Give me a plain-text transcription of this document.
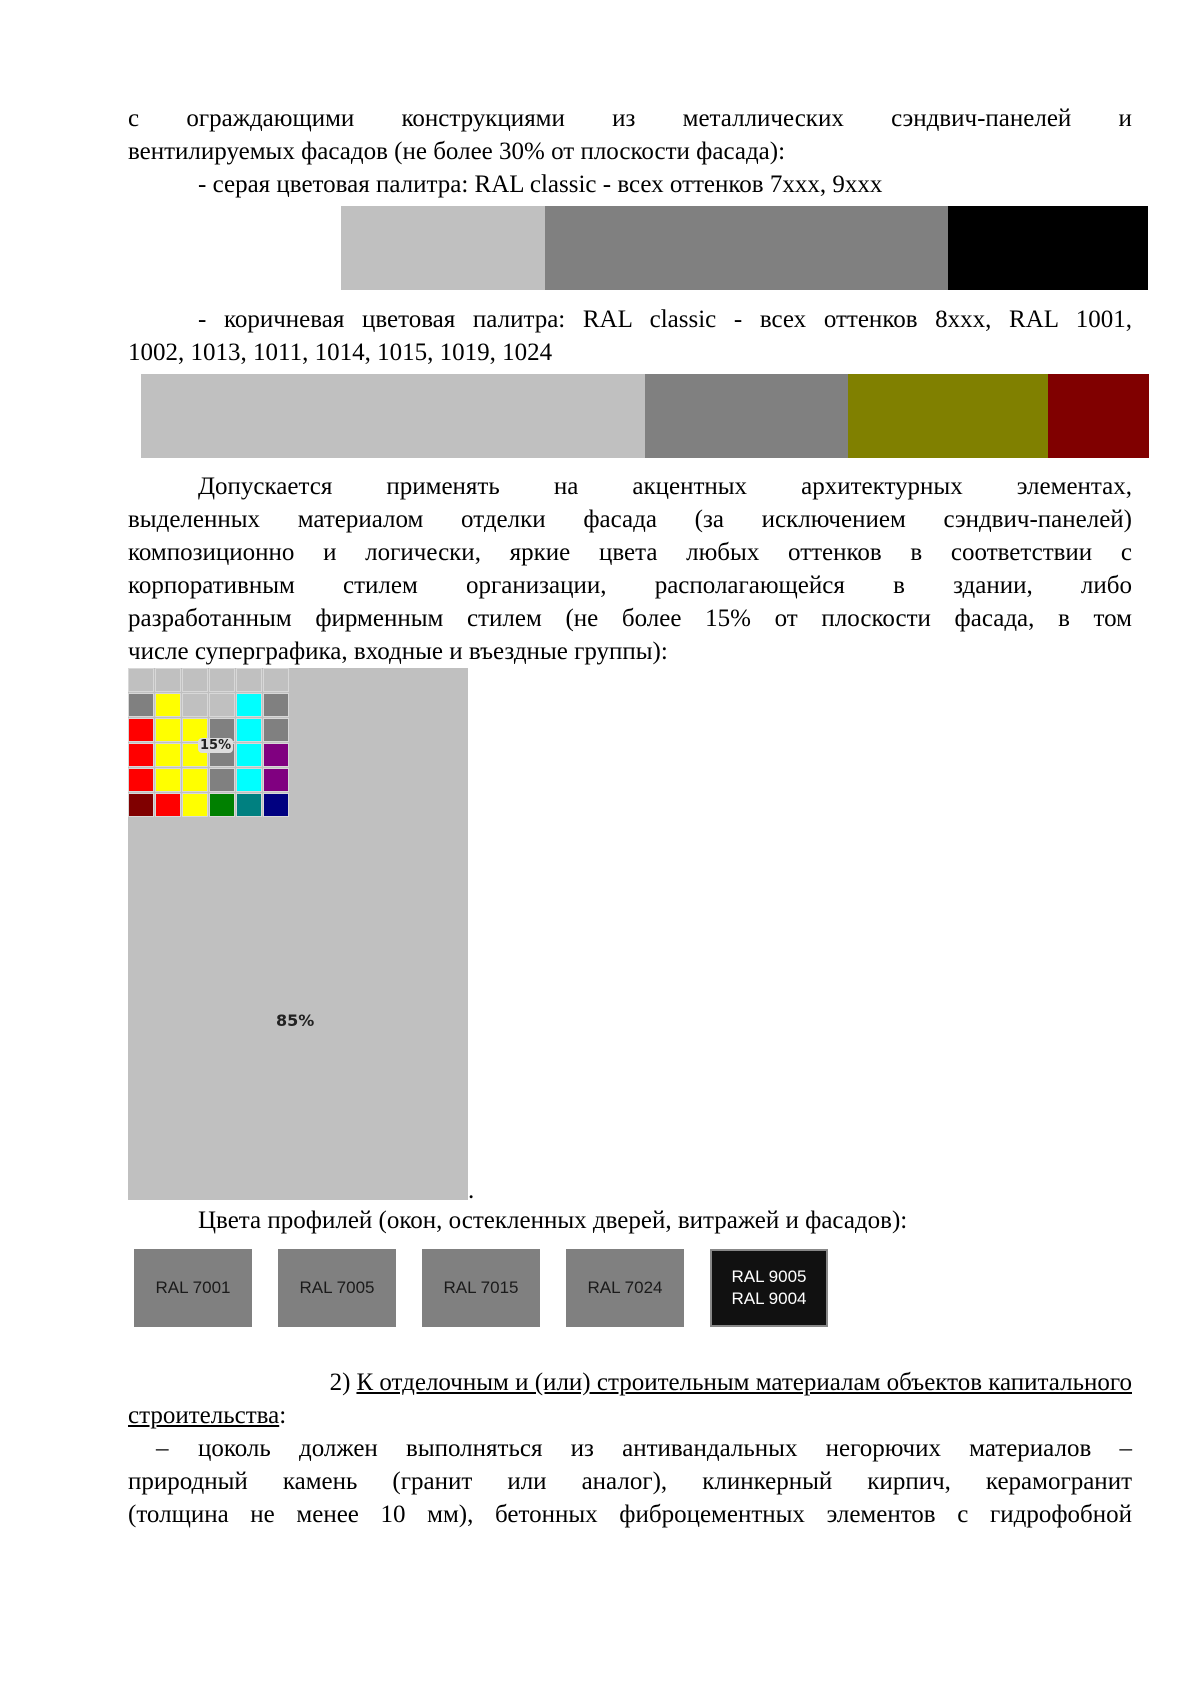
с ограждающими конструкциями из металлических сэндвич-панелей и
вентилируемых фасадов (не более 30% от плоскости фасада):
- серая цветовая палитра: RAL classic - всех оттенков 7xxx, 9xxx
- коричневая цветовая палитра: RAL classic - всех оттенков 8xxx, RAL 1001,
1002, 1013, 1011, 1014, 1015, 1019, 1024
Допускается применять на акцентных архитектурных элементах,
выделенных материалом отделки фасада (за исключением сэндвич-панелей)
композиционно и логически, яркие цвета любых оттенков в соответствии с
корпоративным стилем организации, располагающейся в здании, либо
разработанным фирменным стилем (не более 15% от плоскости фасада, в том
числе суперграфика, входные и въездные группы):
15%
85%
.
Цвета профилей (окон, остекленных дверей, витражей и фасадов):
RAL 7001	RAL 7005	RAL 7015	RAL 7024
RAL 9005
RAL 9004
2) К отделочным и (или) строительным материалам объектов капитального
строительства:
–	цоколь должен выполняться из антивандальных негорючих материалов –
природный камень (гранит или аналог), клинкерный кирпич, керамогранит
(толщина не менее 10 мм), бетонных фиброцементных элементов с гидрофобной
